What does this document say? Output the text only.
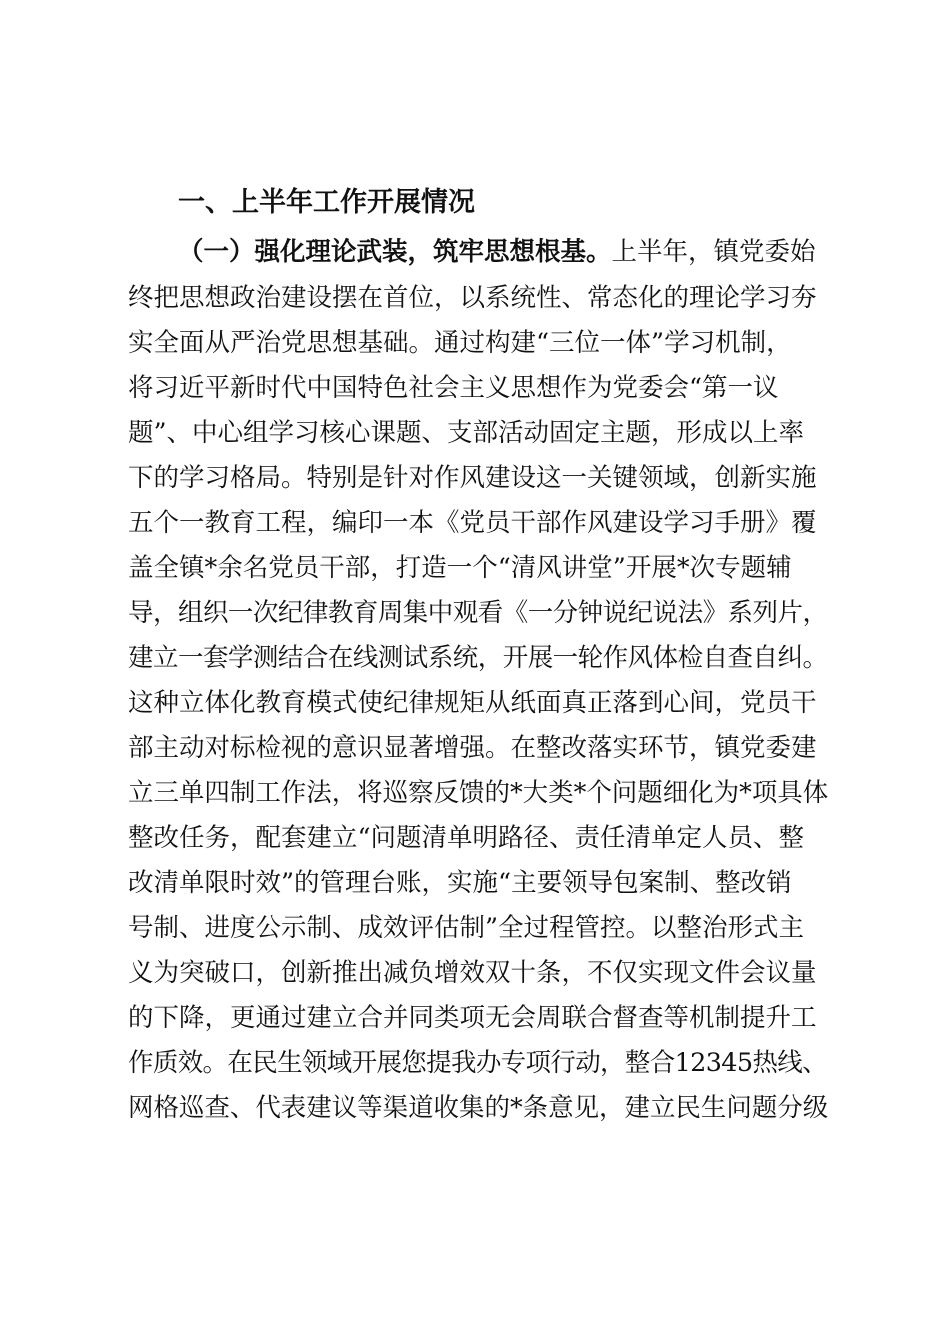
一、上半年工作开展情况

（一）强化理论武装，筑牢思想根基。上半年，镇党委始

终把思想政治建设摆在首位，以系统性、常态化的理论学习夯

实全面从严治党思想基础。通过构建“三位一体”学习机制，

将习近平新时代中国特色社会主义思想作为党委会“第一议

题”、中心组学习核心课题、支部活动固定主题，形成以上率

下的学习格局。特别是针对作风建设这一关键领域，创新实施

五个一教育工程，编印一本《党员干部作风建设学习手册》覆

盖全镇*余名党员干部，打造一个“清风讲堂”开展*次专题辅

导，组织一次纪律教育周集中观看《一分钟说纪说法》系列片，

建立一套学测结合在线测试系统，开展一轮作风体检自查自纠。

这种立体化教育模式使纪律规矩从纸面真正落到心间，党员干

部主动对标检视的意识显著增强。在整改落实环节，镇党委建

立三单四制工作法，将巡察反馈的*大类*个问题细化为*项具体

整改任务，配套建立“问题清单明路径、责任清单定人员、整

改清单限时效”的管理台账，实施“主要领导包案制、整改销

号制、进度公示制、成效评估制”全过程管控。以整治形式主

义为突破口，创新推出减负增效双十条，不仅实现文件会议量

的下降，更通过建立合并同类项无会周联合督查等机制提升工

作质效。在民生领域开展您提我办专项行动，整合12345热线、

网格巡查、代表建议等渠道收集的*条意见，建立民生问题分级
